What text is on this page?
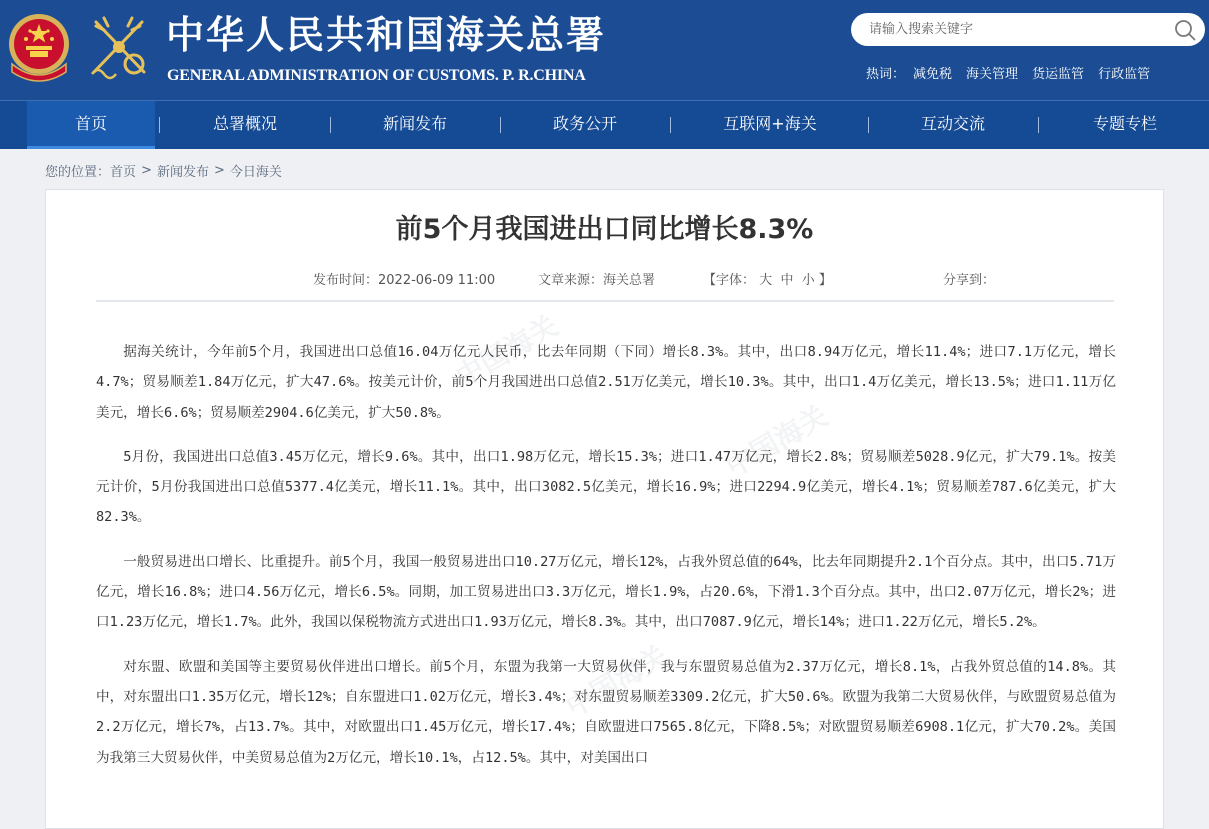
中华人民共和国海关总署

GENERAL ADMINISTRATION OF CUSTOMS. P. R.CHINA

请输入搜索关键字	热词： 减免税 海关管理 货运监管 行政监管
首页	总署概况	新闻发布	政务公开	互联网+海关	互动交流	专题专栏
您的位置： 首页 > 新闻发布 > 今日海关
中国海关
中国海关
中国海关
前5个月我国进出口同比增长8.3%
发布时间：2022-06-09 11:00	文章来源：海关总署	【字体： 大 中 小 】	分享到：

据海关统计，今年前5个月，我国进出口总值16.04万亿元人民币，比去年同期（下同）增长8.3%。其中，出口8.94万亿元，增长11.4%；进口7.1万亿元，增长4.7%；贸易顺差1.84万亿元，扩大47.6%。按美元计价，前5个月我国进出口总值2.51万亿美元，增长10.3%。其中，出口1.4万亿美元，增长13.5%；进口1.11万亿美元，增长6.6%；贸易顺差2904.6亿美元，扩大50.8%。

5月份，我国进出口总值3.45万亿元，增长9.6%。其中，出口1.98万亿元，增长15.3%；进口1.47万亿元，增长2.8%；贸易顺差5028.9亿元，扩大79.1%。按美元计价，5月份我国进出口总值5377.4亿美元，增长11.1%。其中，出口3082.5亿美元，增长16.9%；进口2294.9亿美元，增长4.1%；贸易顺差787.6亿美元，扩大82.3%。

一般贸易进出口增长、比重提升。前5个月，我国一般贸易进出口10.27万亿元，增长12%，占我外贸总值的64%，比去年同期提升2.1个百分点。其中，出口5.71万亿元，增长16.8%；进口4.56万亿元，增长6.5%。同期，加工贸易进出口3.3万亿元，增长1.9%，占20.6%，下滑1.3个百分点。其中，出口2.07万亿元，增长2%；进口1.23万亿元，增长1.7%。此外，我国以保税物流方式进出口1.93万亿元，增长8.3%。其中，出口7087.9亿元，增长14%；进口1.22万亿元，增长5.2%。

对东盟、欧盟和美国等主要贸易伙伴进出口增长。前5个月，东盟为我第一大贸易伙伴，我与东盟贸易总值为2.37万亿元，增长8.1%，占我外贸总值的14.8%。其中，对东盟出口1.35万亿元，增长12%；自东盟进口1.02万亿元，增长3.4%；对东盟贸易顺差3309.2亿元，扩大50.6%。欧盟为我第二大贸易伙伴，与欧盟贸易总值为2.2万亿元，增长7%，占13.7%。其中，对欧盟出口1.45万亿元，增长17.4%；自欧盟进口7565.8亿元，下降8.5%；对欧盟贸易顺差6908.1亿元，扩大70.2%。美国为我第三大贸易伙伴，中美贸易总值为2万亿元，增长10.1%，占12.5%。其中，对美国出口
